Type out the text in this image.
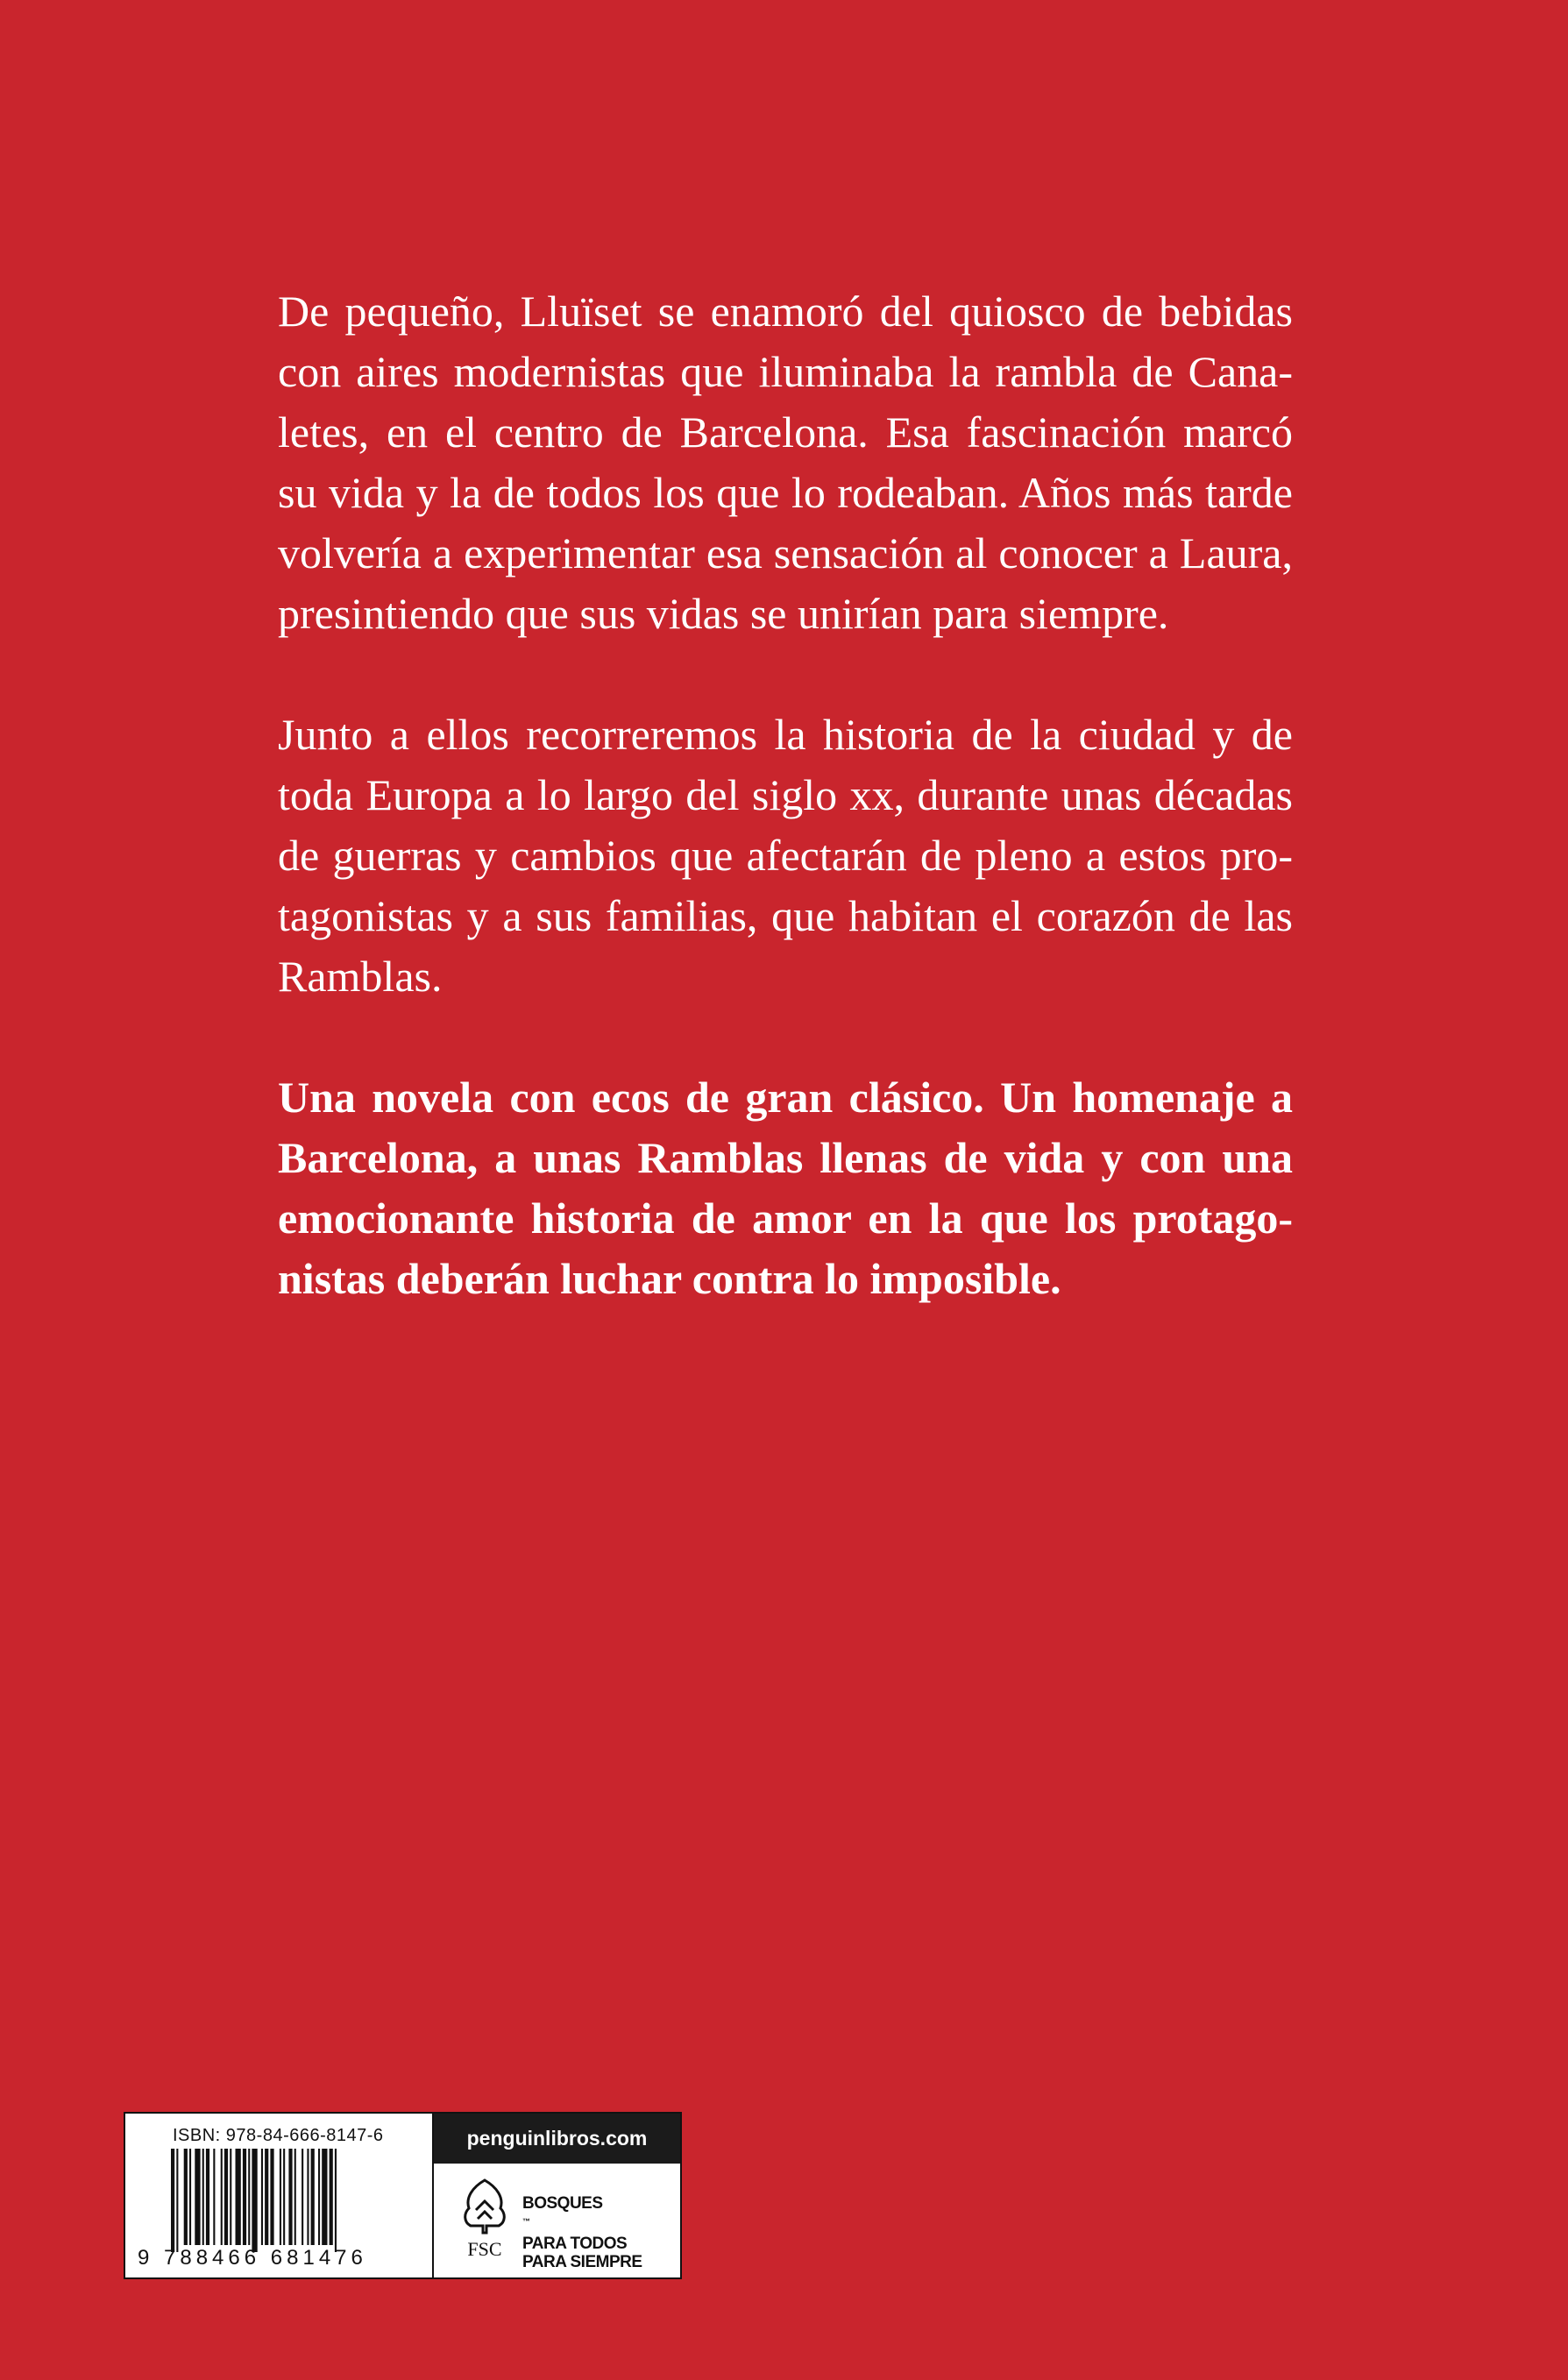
De pequeño, Lluïset se enamoró del quiosco de bebidas
con aires modernistas que iluminaba la rambla de Cana-
letes, en el centro de Barcelona. Esa fascinación marcó
su vida y la de todos los que lo rodeaban. Años más tarde
volvería a experimentar esa sensación al conocer a Laura,
presintiendo que sus vidas se unirían para siempre.
Junto a ellos recorreremos la historia de la ciudad y de
toda Europa a lo largo del siglo xx, durante unas décadas
de guerras y cambios que afectarán de pleno a estos pro-
tagonistas y a sus familias, que habitan el corazón de las
Ramblas.
Una novela con ecos de gran clásico. Un homenaje a
Barcelona, a unas Ramblas llenas de vida y con una
emocionante historia de amor en la que los protago-
nistas deberán luchar contra lo imposible.
ISBN: 978-84-666-8147-6
9 788466 681476
penguinlibros.com
FSC
BOSQUES
™
PARA TODOS
PARA SIEMPRE
